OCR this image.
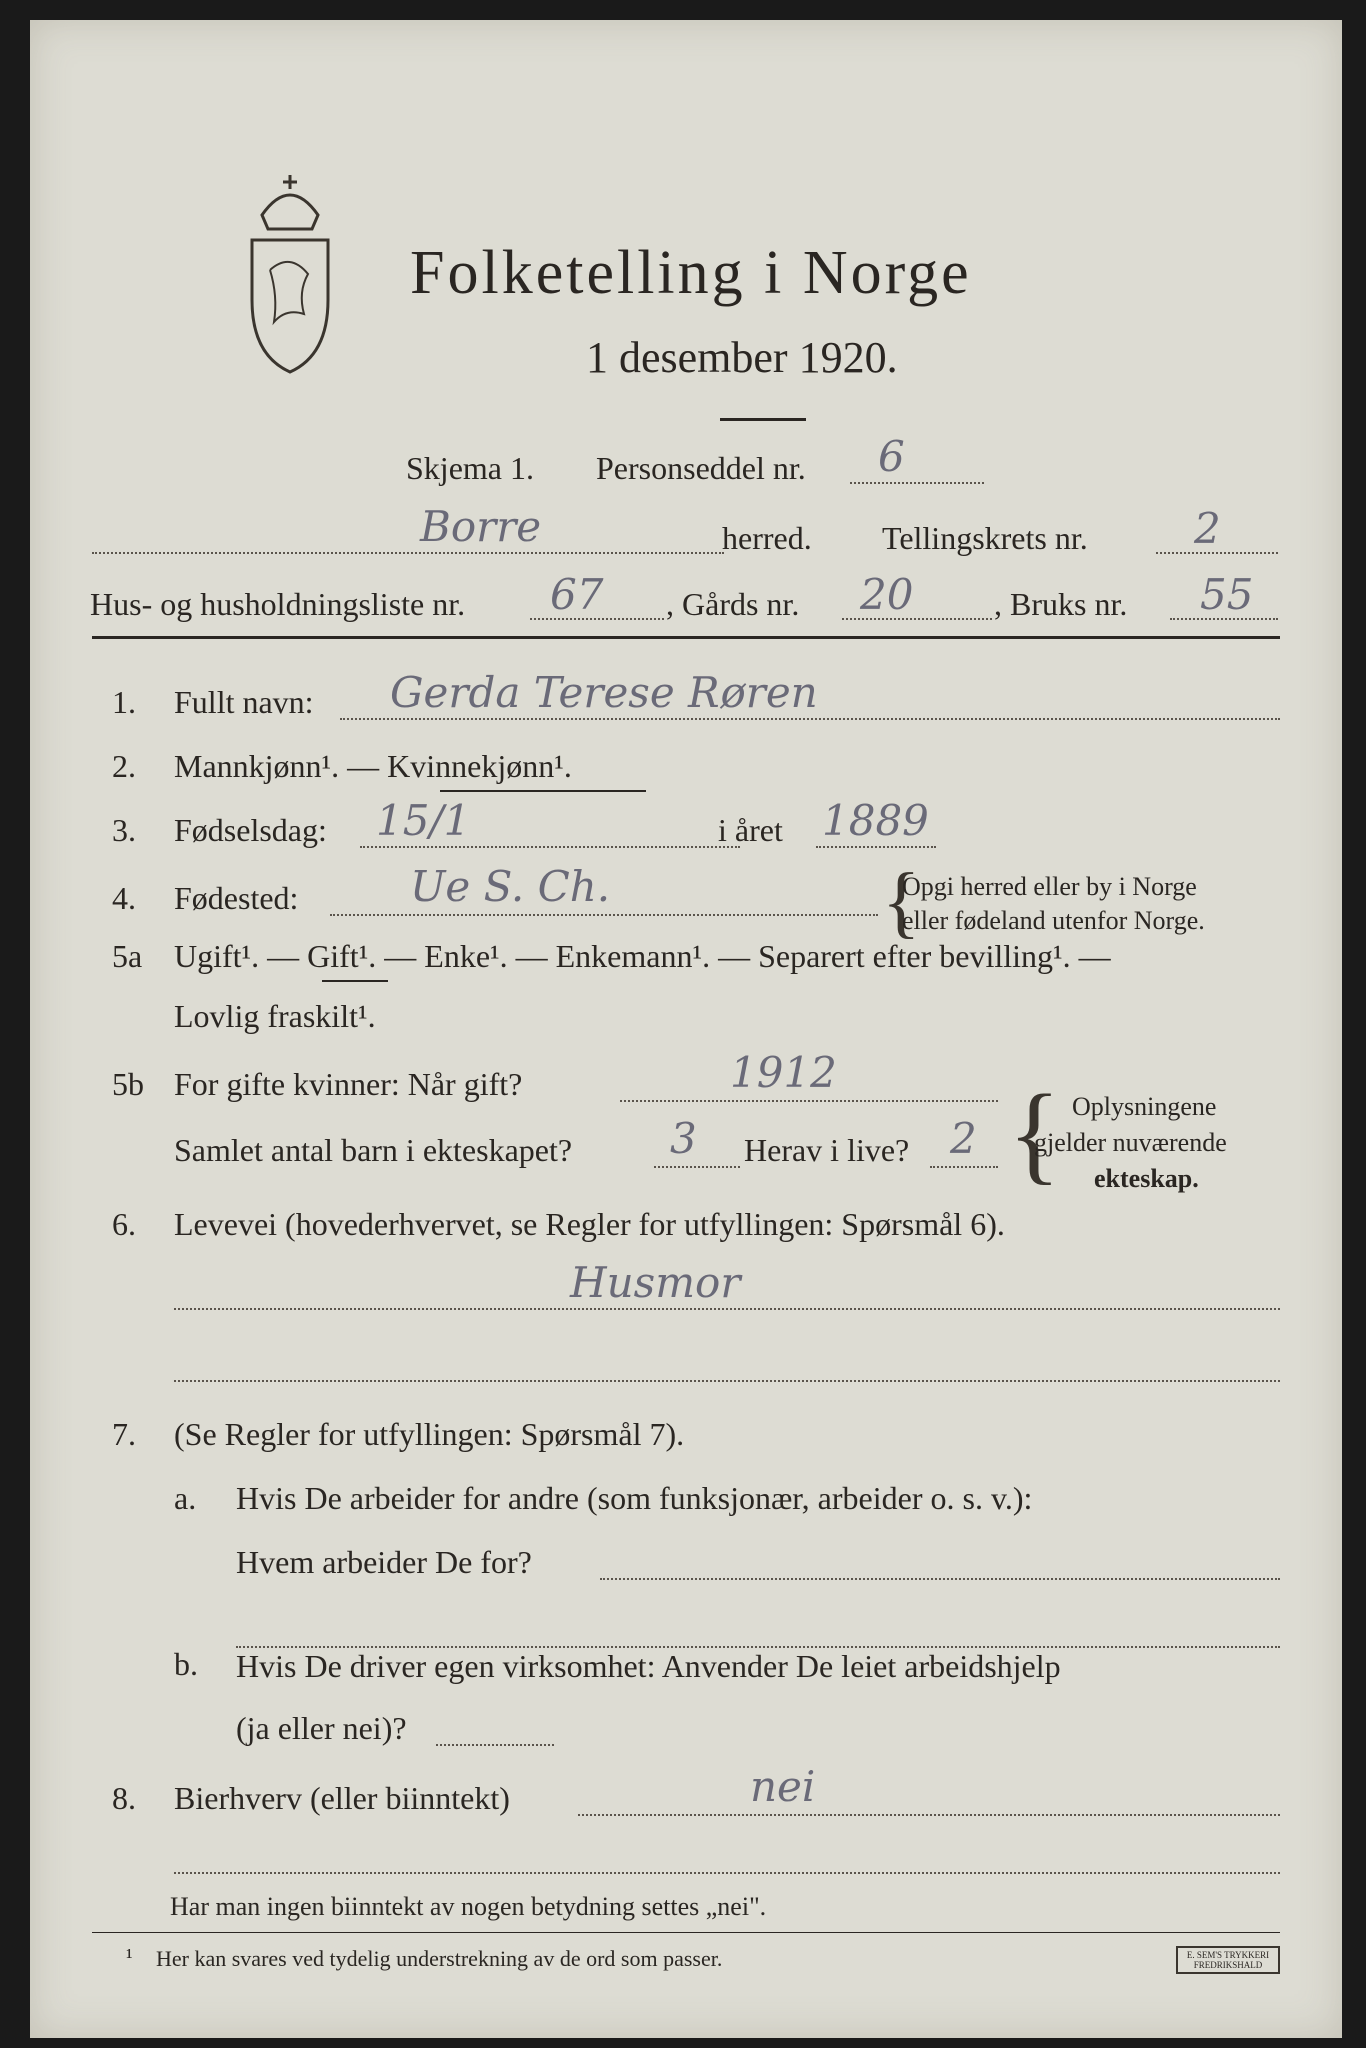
Folketelling i Norge
1 desember 1920.
Skjema 1. Personseddel nr. 6
Borre	herred. Tellingskrets nr.	2
Hus- og husholdningsliste nr. 67 , Gårds nr. 20	, Bruks nr. 55
1. Fullt navn: Gerda Terese Røren
2. Mannkjønn¹. — Kvinnekjønn¹.
3. Fødselsdag: 15/1	i året 1889
4. Fødested:	Ue S. Ch.	{
Opgi herred eller by i Norge
eller fødeland utenfor Norge.
5a Ugift¹. — Gift¹. — Enke¹. — Enkemann¹. — Separert efter bevilling¹. —
Lovlig fraskilt¹.
5b For gifte kvinner: Når gift?	1912
Samlet antal barn i ekteskapet? 3 Herav i live? 2 { Oplysningene
gjelder nuværende
ekteskap.
6. Levevei (hovederhvervet, se Regler for utfyllingen: Spørsmål 6).
Husmor
7. (Se Regler for utfyllingen: Spørsmål 7).
a. Hvis De arbeider for andre (som funksjonær, arbeider o. s. v.):
Hvem arbeider De for?
b. Hvis De driver egen virksomhet: Anvender De leiet arbeidshjelp
(ja eller nei)?
8. Bierhverv (eller biinntekt)	nei
Har man ingen biinntekt av nogen betydning settes „nei".
¹ Her kan svares ved tydelig understrekning av de ord som passer.	E. SEM'S TRYKKERI FREDRIKSHALD
